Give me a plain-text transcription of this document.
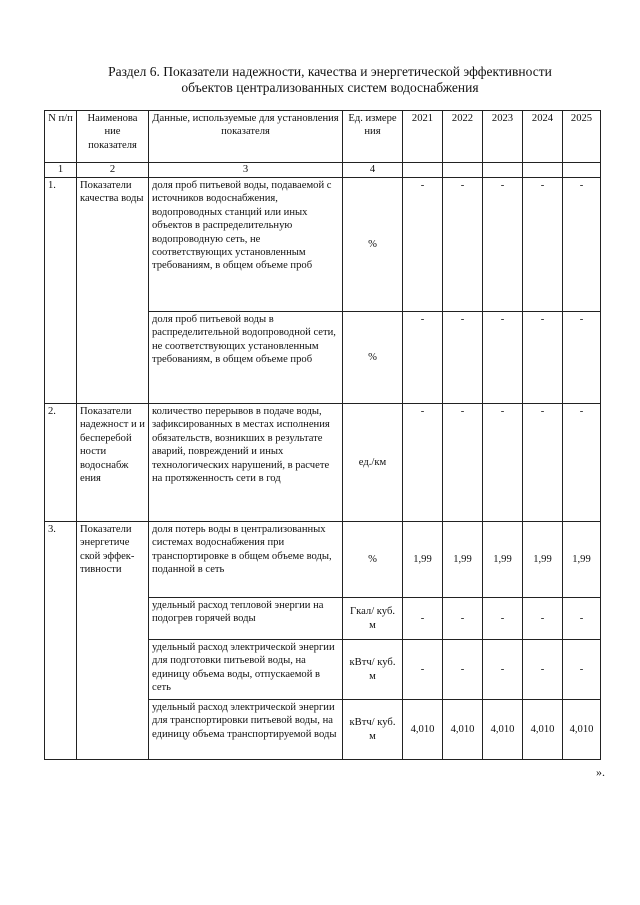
Раздел 6. Показатели надежности, качества и энергетической эффективности
объектов централизованных систем водоснабжения
N п/п	Наименова ние показателя	Данные, используемые для установления показателя	Ед. измере ния	2021	2022	2023	2024	2025
1	2	3	4					
1.	Показатели качества воды	доля проб питьевой воды, подаваемой с источников водоснабжения, водопроводных станций или иных объектов в распределительную водопроводную сеть, не соответствующих установленным требованиям, в общем объеме проб	%	-	-	-	-	-
		доля проб питьевой воды в распределительной водопроводной сети, не соответствующих установленным требованиям, в общем объеме проб	%	-	-	-	-	-
2.	Показатели надежност и и бесперебой ности водоснабж ения	количество перерывов в подаче воды, зафиксированных в местах исполнения обязательств, возникших в результате аварий, повреждений и иных технологических нарушений, в расчете на протяженность сети в год	ед./км	-	-	-	-	-
3.	Показатели энергетиче ской эффек- тивности	доля потерь воды в централизованных системах водоснабжения при транспортировке в общем объеме воды, поданной в сеть	%	1,99	1,99	1,99	1,99	1,99
		удельный расход тепловой энергии на подогрев горячей воды	Гкал/ куб. м	-	-	-	-	-
		удельный расход электрической энергии для подготовки питьевой воды, на единицу объема воды, отпускаемой в сеть	кВтч/ куб. м	-	-	-	-	-
		удельный расход электрической энергии для транспортировки питьевой воды, на единицу объема транспортируемой воды	кВтч/ куб. м	4,010	4,010	4,010	4,010	4,010
».
